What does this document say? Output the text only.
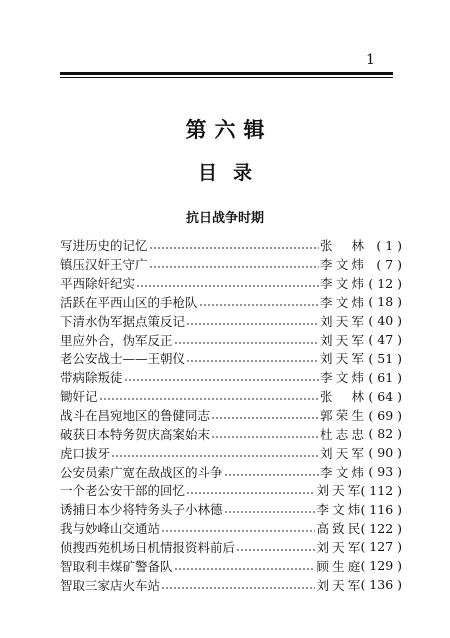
1
第六辑
目录
抗日战争时期
写进历史的记忆	张林 ( 1 )
镇压汉奸王守广	李文炜 ( 7 )
平西除奸纪实	李文炜 ( 12 )
活跃在平西山区的手枪队	李文炜 ( 18 )
下清水伪军据点策反记	刘天军 ( 40 )
里应外合，伪军反正	刘天军 ( 47 )
老公安战士——王朝仪	刘天军 ( 51 )
带病除叛徒	李文炜 ( 61 )
锄奸记	张林 ( 64 )
战斗在昌宛地区的鲁健同志	郭荣生 ( 69 )
破获日本特务贺庆高案始末	杜志忠 ( 82 )
虎口拔牙	刘天军 ( 90 )
公安员索广宽在敌战区的斗争	李文炜 ( 93 )
一个老公安干部的回忆	刘天军 ( 112 )
诱捕日本少将特务头子小林德	李文炜 ( 116 )
我与妙峰山交通站	高致民 ( 122 )
侦搜西苑机场日机情报资料前后	刘天军 ( 127 )
智取利丰煤矿警备队	顾生庭 ( 129 )
智取三家店火车站	刘天军 ( 136 )
